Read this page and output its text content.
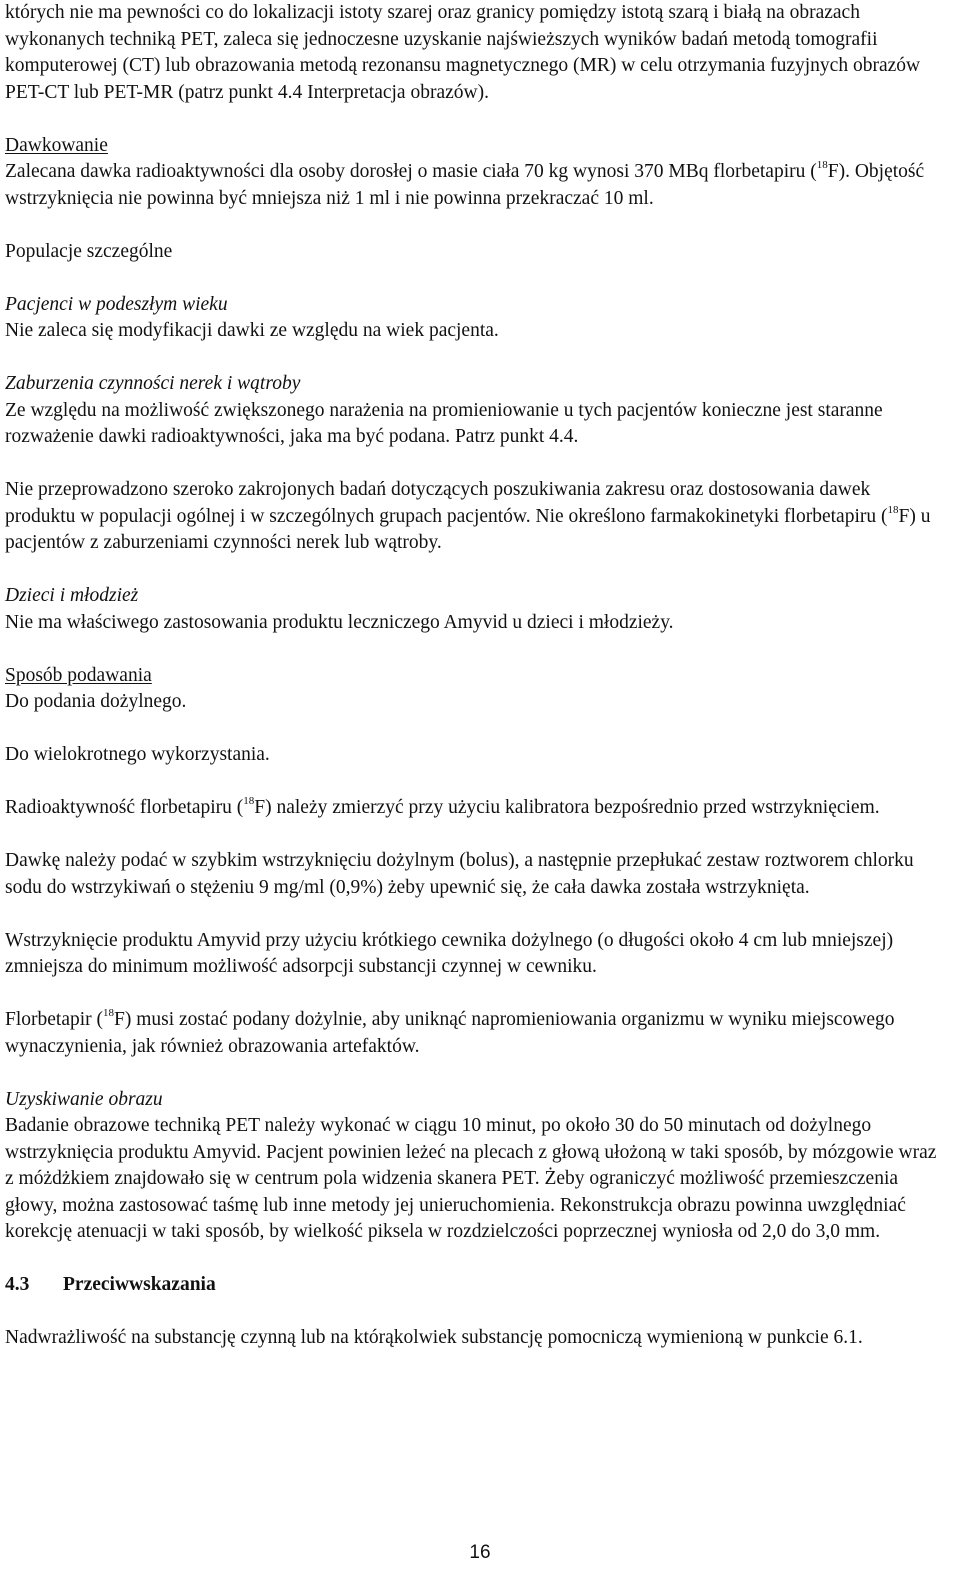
których nie ma pewności co do lokalizacji istoty szarej oraz granicy pomiędzy istotą szarą i białą na obrazach wykonanych techniką PET, zaleca się jednoczesne uzyskanie najświeższych wyników badań metodą tomografii komputerowej (CT) lub obrazowania metodą rezonansu magnetycznego (MR) w celu otrzymania fuzyjnych obrazów PET-CT lub PET-MR (patrz punkt 4.4 Interpretacja obrazów).

Dawkowanie

Zalecana dawka radioaktywności dla osoby dorosłej o masie ciała 70 kg wynosi 370 MBq florbetapiru ($^{18}$F). Objętość wstrzyknięcia nie powinna być mniejsza niż 1 ml i nie powinna przekraczać 10 ml.

Populacje szczególne

Pacjenci w podeszłym wieku

Nie zaleca się modyfikacji dawki ze względu na wiek pacjenta.

Zaburzenia czynności nerek i wątroby

Ze względu na możliwość zwiększonego narażenia na promieniowanie u tych pacjentów konieczne jest staranne rozważenie dawki radioaktywności, jaka ma być podana. Patrz punkt 4.4.

Nie przeprowadzono szeroko zakrojonych badań dotyczących poszukiwania zakresu oraz dostosowania dawek produktu w populacji ogólnej i w szczególnych grupach pacjentów. Nie określono farmakokinetyki florbetapiru ($^{18}$F) u pacjentów z zaburzeniami czynności nerek lub wątroby.

Dzieci i młodzież

Nie ma właściwego zastosowania produktu leczniczego Amyvid u dzieci i młodzieży.

Sposób podawania

Do podania dożylnego.

Do wielokrotnego wykorzystania.

Radioaktywność florbetapiru ($^{18}$F) należy zmierzyć przy użyciu kalibratora bezpośrednio przed wstrzyknięciem.

Dawkę należy podać w szybkim wstrzyknięciu dożylnym (bolus), a następnie przepłukać zestaw roztworem chlorku sodu do wstrzykiwań o stężeniu 9 mg/ml (0,9%) żeby upewnić się, że cała dawka została wstrzyknięta.

Wstrzyknięcie produktu Amyvid przy użyciu krótkiego cewnika dożylnego (o długości około 4 cm lub mniejszej) zmniejsza do minimum możliwość adsorpcji substancji czynnej w cewniku.

Florbetapir ($^{18}$F) musi zostać podany dożylnie, aby uniknąć napromieniowania organizmu w wyniku miejscowego wynaczynienia, jak również obrazowania artefaktów.

Uzyskiwanie obrazu

Badanie obrazowe techniką PET należy wykonać w ciągu 10 minut, po około 30 do 50 minutach od dożylnego wstrzyknięcia produktu Amyvid. Pacjent powinien leżeć na plecach z głową ułożoną w taki sposób, by mózgowie wraz z móżdżkiem znajdowało się w centrum pola widzenia skanera PET. Żeby ograniczyć możliwość przemieszczenia głowy, można zastosować taśmę lub inne metody jej unieruchomienia. Rekonstrukcja obrazu powinna uwzględniać korekcję atenuacji w taki sposób, by wielkość piksela w rozdzielczości poprzecznej wyniosła od 2,0 do 3,0 mm.

4.3 Przeciwwskazania

Nadwrażliwość na substancję czynną lub na którąkolwiek substancję pomocniczą wymienioną w punkcie 6.1.

16
